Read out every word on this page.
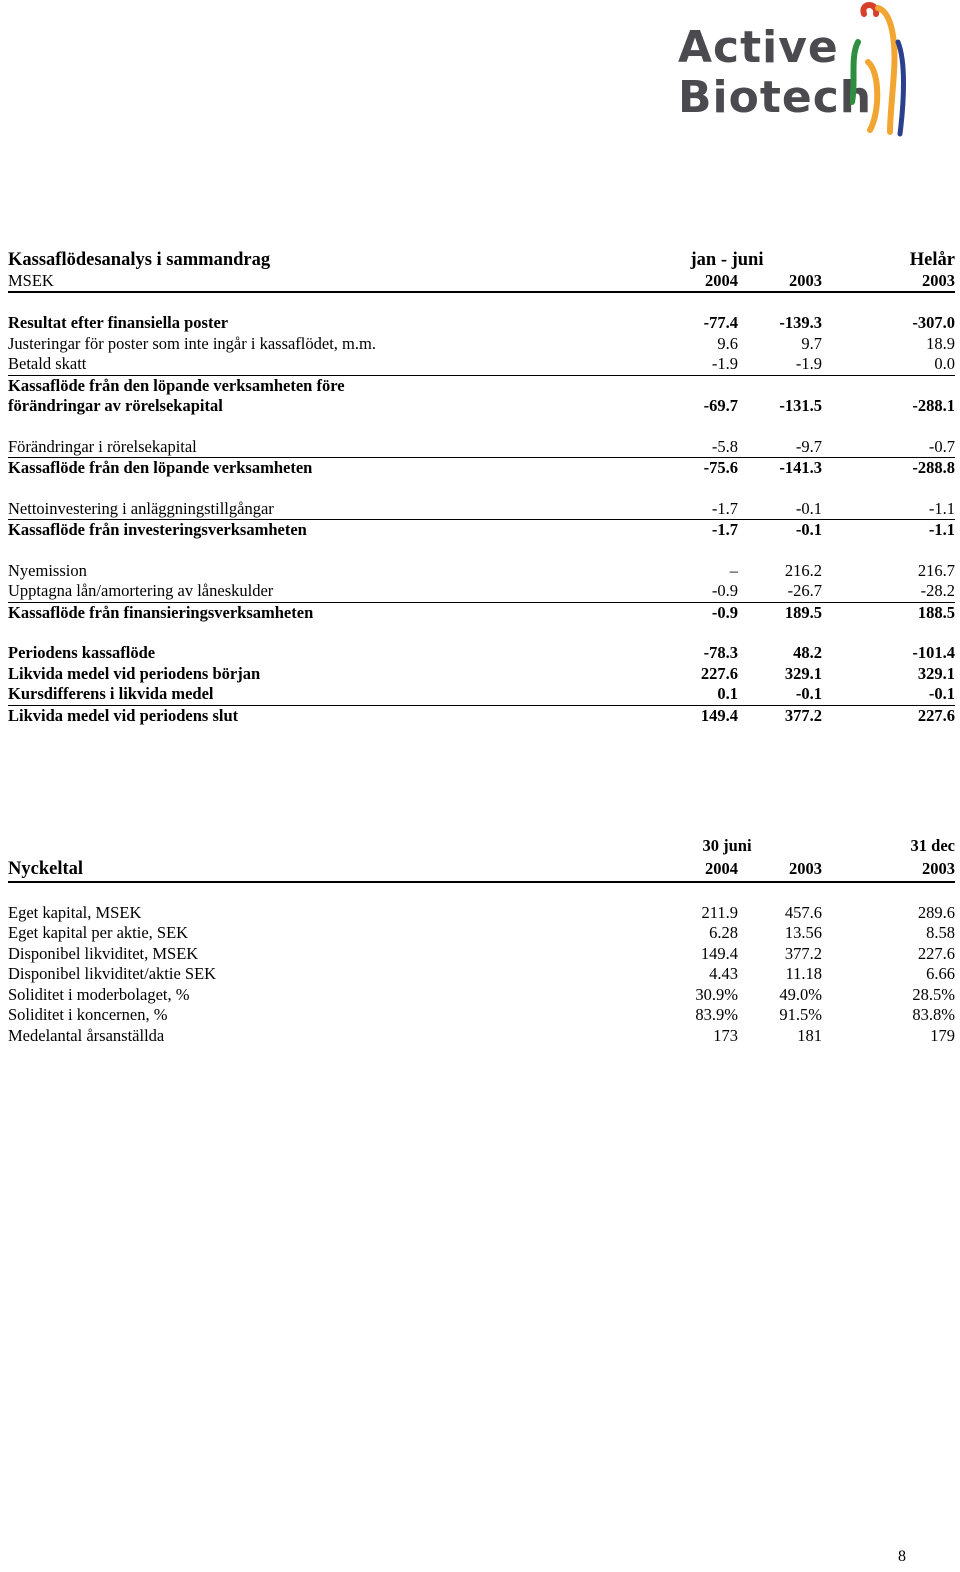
Active
Biotech
Kassaflödesanalys i sammandrag	jan - juni	Helår
MSEK	2004	2003	2003
Resultat efter finansiella poster	-77.4	-139.3	-307.0
Justeringar för poster som inte ingår i kassaflödet, m.m.	9.6	9.7	18.9
Betald skatt	-1.9	-1.9	0.0
Kassaflöde från den löpande verksamheten före
förändringar av rörelsekapital	-69.7	-131.5	-288.1
Förändringar i rörelsekapital	-5.8	-9.7	-0.7
Kassaflöde från den löpande verksamheten	-75.6	-141.3	-288.8
Nettoinvestering i anläggningstillgångar	-1.7	-0.1	-1.1
Kassaflöde från investeringsverksamheten	-1.7	-0.1	-1.1
Nyemission	–	216.2	216.7
Upptagna lån/amortering av låneskulder	-0.9	-26.7	-28.2
Kassaflöde från finansieringsverksamheten	-0.9	189.5	188.5
Periodens kassaflöde	-78.3	48.2	-101.4
Likvida medel vid periodens början	227.6	329.1	329.1
Kursdifferens i likvida medel	0.1	-0.1	-0.1
Likvida medel vid periodens slut	149.4	377.2	227.6
30 juni	31 dec
Nyckeltal	2004	2003	2003
Eget kapital, MSEK	211.9	457.6	289.6
Eget kapital per aktie, SEK	6.28	13.56	8.58
Disponibel likviditet, MSEK	149.4	377.2	227.6
Disponibel likviditet/aktie SEK	4.43	11.18	6.66
Soliditet i moderbolaget, %	30.9%	49.0%	28.5%
Soliditet i koncernen, %	83.9%	91.5%	83.8%
Medelantal årsanställda	173	181	179
8
